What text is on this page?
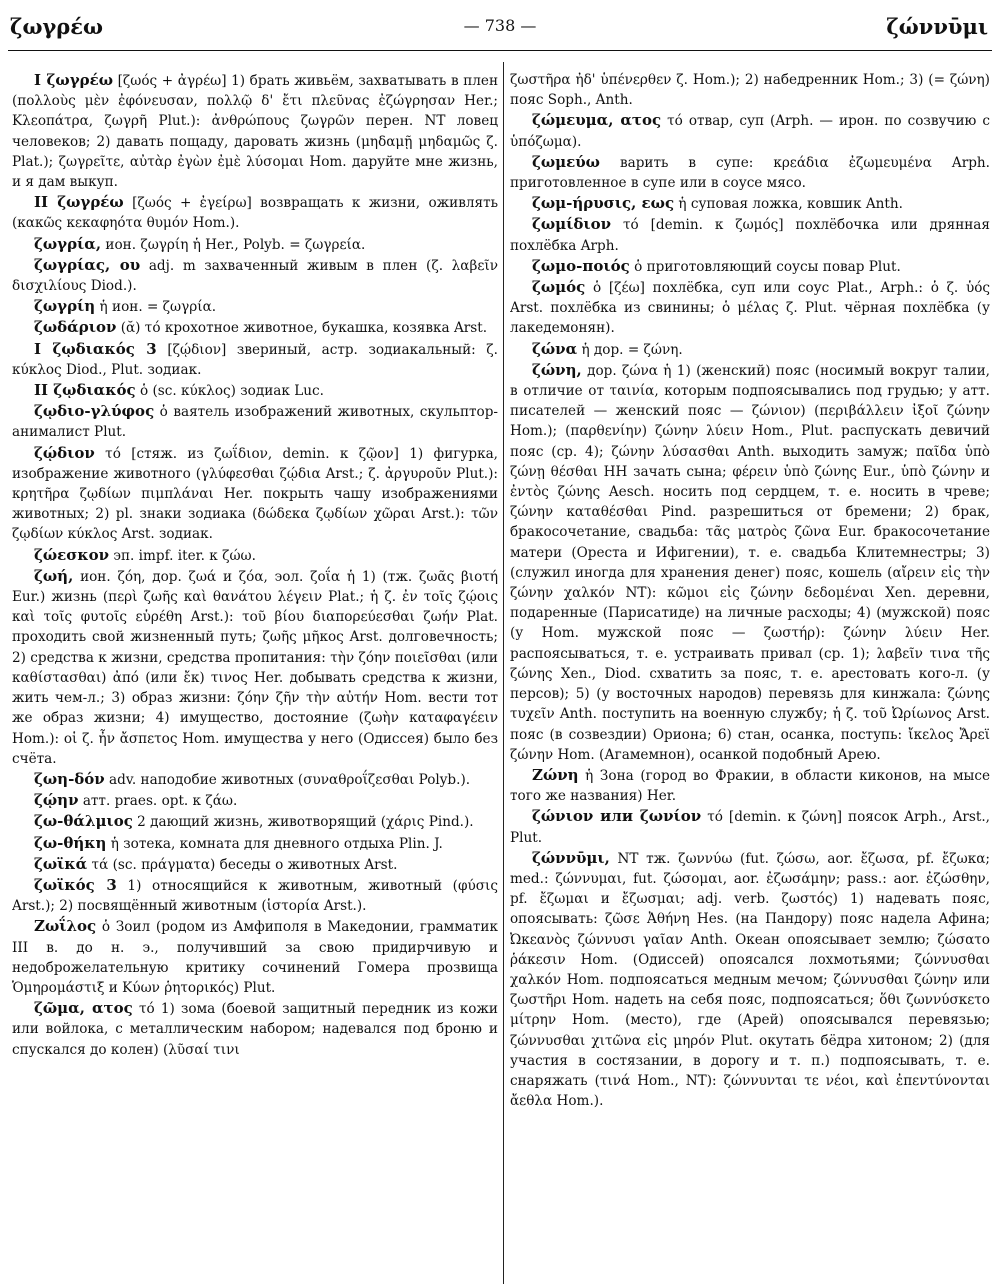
ζωγρέω	— 738 —	ζώννῡμι

I ζωγρέω [ζωός + ἀγρέω] 1) брать живьём, захватывать в плен (πολλοὺς μὲν ἐφόνευσαν, πολλῷ δ' ἔτι πλεῦνας ἐζώγρησαν Her.; Κλεοπάτρα, ζωγρῆ Plut.): ἀνθρώπους ζωγρῶν перен. NT ловец человеков; 2) давать пощаду, даровать жизнь (μηδαμῇ μηδαμῶς ζ. Plat.); ζωγρεῖτε, αὐτὰρ ἐγὼν ἐμὲ λύσομαι Hom. даруйте мне жизнь, и я дам выкуп.

II ζωγρέω [ζωός + ἐγείρω] возвращать к жизни, оживлять (κακῶς κεκαφηότα θυμόν Hom.).

ζωγρία, ион. ζωγρίη ἡ Her., Polyb. = ζωγρεία.

ζωγρίας, ου adj. m захваченный живым в плен (ζ. λαβεῖν δισχιλίους Diod.).

ζωγρίη ἡ ион. = ζωγρία.

ζωδάριον (ᾰ) τό крохотное животное, букашка, козявка Arst.

I ζῳδιακός 3 [ζῴδιον] звериный, астр. зодиакальный: ζ. κύκλος Diod., Plut. зодиак.

II ζῳδιακός ὁ (sc. κύκλος) зодиак Luc.

ζῳδιο-γλύφος ὁ ваятель изображений животных, скульптор-анималист Plut.

ζῴδιον τό [стяж. из ζωΐδιον, demin. к ζῷον] 1) фигурка, изображение животного (γλύφεσθαι ζῴδια Arst.; ζ. ἀργυροῦν Plut.): κρητῆρα ζῳδίων πιμπλάναι Her. покрыть чашу изображениями животных; 2) pl. знаки зодиака (δώδεκα ζῳδίων χῶραι Arst.): τῶν ζῳδίων κύκλος Arst. зодиак.

ζώεσκον эп. impf. iter. к ζώω.

ζωή, ион. ζόη, дор. ζωά и ζόα, эол. ζοΐα ἡ 1) (тж. ζωᾶς βιοτή Eur.) жизнь (περὶ ζωῆς καὶ θανάτου λέγειν Plat.; ἡ ζ. ἐν τοῖς ζῴοις καὶ τοῖς φυτοῖς εὑρέθη Arst.): τοῦ βίου διαπορεύεσθαι ζωήν Plat. проходить свой жизненный путь; ζωῆς μῆκος Arst. долговечность; 2) средства к жизни, средства пропитания: τὴν ζόην ποιεῖσθαι (или καθίστασθαι) ἀπό (или ἔκ) τινος Her. добывать средства к жизни, жить чем-л.; 3) образ жизни: ζόην ζῆν τὴν αὐτήν Hom. вести тот же образ жизни; 4) имущество, достояние (ζωὴν καταφαγέειν Hom.): οἱ ζ. ἦν ἄσπετος Hom. имущества у него (Одиссея) было без счёта.

ζωη-δόν adv. наподобие животных (συναθροΐζεσθαι Polyb.).

ζῴην атт. praes. opt. к ζάω.

ζω-θάλμιος 2 дающий жизнь, животворящий (χάρις Pind.).

ζω-θήκη ἡ зотека, комната для дневного отдыха Plin. J.

ζωϊκά τά (sc. πράγματα) беседы о животных Arst.

ζωϊκός 3 1) относящийся к животным, животный (φύσις Arst.); 2) посвящённый животным (ἱστορία Arst.).

Ζωΐλος ὁ Зоил (родом из Амфиполя в Македонии, грамматик III в. до н. э., получивший за свою придирчивую и недоброжелательную критику сочинений Гомера прозвища Ὁμηρομάστιξ и Κύων ῥητορικός) Plut.

ζῶμα, ατος τό 1) зома (боевой защитный передник из кожи или войлока, с металлическим набором; надевался под броню и спускался до колен) (λῦσαί τινι

ζωστῆρα ἠδ' ὑπένερθεν ζ. Hom.); 2) набедренник Hom.; 3) (= ζώνη) пояс Soph., Anth.

ζώμευμα, ατος τό отвар, суп (Arph. — ирон. по созвучию с ὑπόζωμα).

ζωμεύω варить в супе: κρεάδια ἐζωμευμένα Arph. приготовленное в супе или в соусе мясо.

ζωμ-ήρυσις, εως ἡ суповая ложка, ковшик Anth.

ζωμίδιον τό [demin. к ζωμός] похлёбочка или дрянная похлёбка Arph.

ζωμο-ποιός ὁ приготовляющий соусы повар Plut.

ζωμός ὁ [ζέω] похлёбка, суп или соус Plat., Arph.: ὁ ζ. ὑός Arst. похлёбка из свинины; ὁ μέλας ζ. Plut. чёрная похлёбка (у лакедемонян).

ζώνα ἡ дор. = ζώνη.

ζώνη, дор. ζώνα ἡ 1) (женский) пояс (носимый вокруг талии, в отличие от ταινία, которым подпоясывались под грудью; у атт. писателей — женский пояс — ζώνιον) (περιβάλλειν ἰξοῖ ζώνην Hom.); (παρθενίην) ζώνην λύειν Hom., Plut. распускать девичий пояс (ср. 4); ζώνην λύσασθαι Anth. выходить замуж; παῖδα ὑπὸ ζώνῃ θέσθαι HH зачать сына; φέρειν ὑπὸ ζώνης Eur., ὑπὸ ζώνην и ἐντὸς ζώνης Aesch. носить под сердцем, т. е. носить в чреве; ζώνην καταθέσθαι Pind. разрешиться от бремени; 2) брак, бракосочетание, свадьба: τᾶς ματρὸς ζῶνα Eur. бракосочетание матери (Ореста и Ифигении), т. е. свадьба Клитемнестры; 3) (служил иногда для хранения денег) пояс, кошель (αἴρειν εἰς τὴν ζώνην χαλκόν NT): κῶμοι εἰς ζώνην δεδομέναι Xen. деревни, подаренные (Парисатиде) на личные расходы; 4) (мужской) пояс (у Hom. мужской пояс — ζωστήρ): ζώνην λύειν Her. распоясываться, т. е. устраивать привал (ср. 1); λαβεῖν τινα τῆς ζώνης Xen., Diod. схватить за пояс, т. е. арестовать кого-л. (у персов); 5) (у восточных народов) перевязь для кинжала: ζώνης τυχεῖν Anth. поступить на военную службу; ἡ ζ. τοῦ Ὠρίωνος Arst. пояс (в созвездии) Ориона; 6) стан, осанка, поступь: ἴκελος Ἄρεϊ ζώνην Hom. (Агамемнон), осанкой подобный Арею.

Ζώνη ἡ Зона (город во Фракии, в области киконов, на мысе того же названия) Her.

ζώνιον или ζωνίον τό [demin. к ζώνη] поясок Arph., Arst., Plut.

ζώννῡμι, NT тж. ζωννύω (fut. ζώσω, aor. ἔζωσα, pf. ἔζωκα; med.: ζώννυμαι, fut. ζώσομαι, aor. ἐζωσάμην; pass.: aor. ἐζώσθην, pf. ἔζωμαι и ἔζωσμαι; adj. verb. ζωστός) 1) надевать пояс, опоясывать: ζῶσε Ἀθήνη Hes. (на Пандору) пояс надела Афина; Ὠκεανὸς ζώννυσι γαῖαν Anth. Океан опоясывает землю; ζώσατο ῥάκεσιν Hom. (Одиссей) опоясался лохмотьями; ζώννυσθαι χαλκόν Hom. подпоясаться медным мечом; ζώννυσθαι ζώνην или ζωστῆρι Hom. надеть на себя пояс, подпоясаться; ὅθι ζωννύσκετο μίτρην Hom. (место), где (Арей) опоясывался перевязью; ζώννυσθαι χιτῶνα εἰς μηρόν Plut. окутать бёдра хитоном; 2) (для участия в состязании, в дорогу и т. п.) подпоясывать, т. е. снаряжать (τινά Hom., NT): ζώννυνται τε νέοι, καὶ ἐπεντύνονται ἄεθλα Hom.).
